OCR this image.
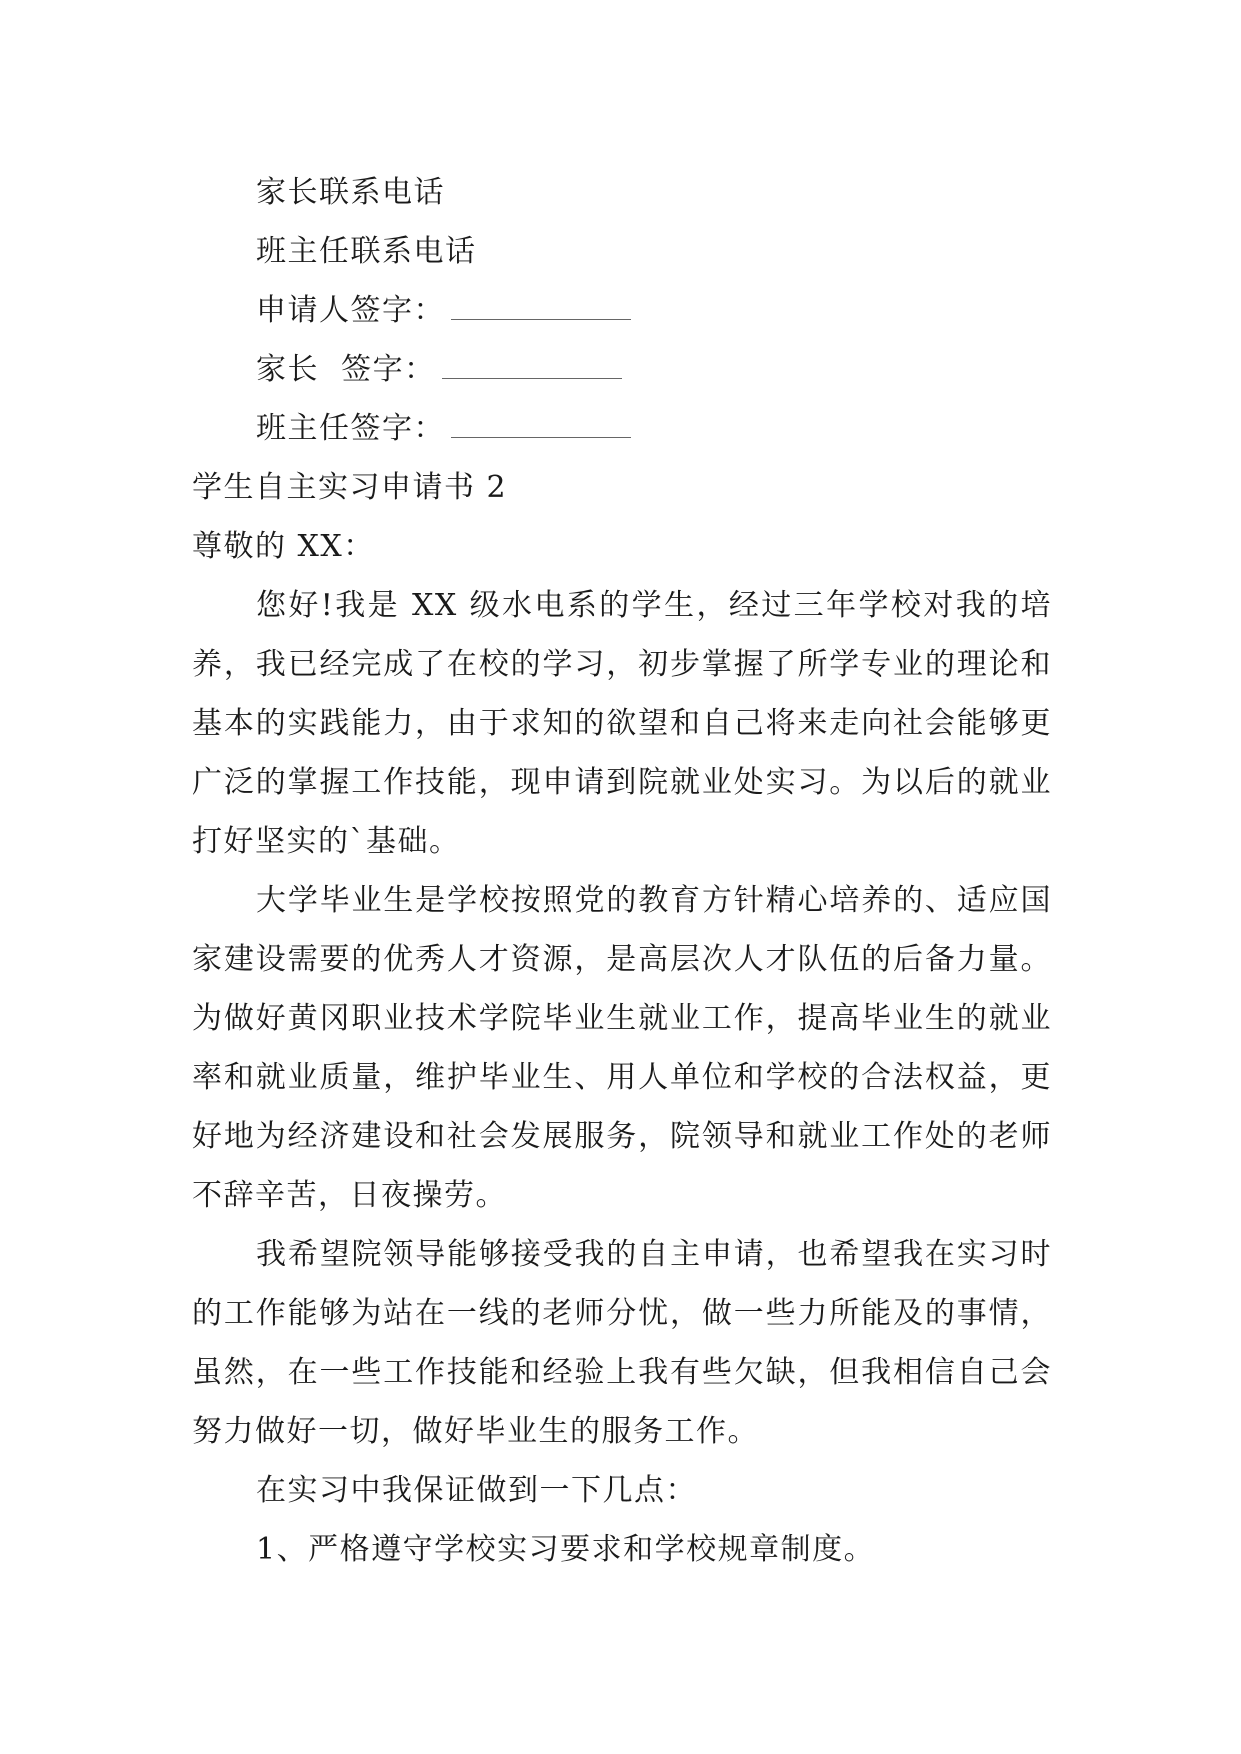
家长联系电话

班主任联系电话

申请人签字：

家长  签字：

班主任签字：

学生自主实习申请书 2

尊敬的 XX：

您好!我是 XX 级水电系的学生，经过三年学校对我的培养，我已经完成了在校的学习，初步掌握了所学专业的理论和基本的实践能力，由于求知的欲望和自己将来走向社会能够更广泛的掌握工作技能，现申请到院就业处实习。为以后的就业打好坚实的`基础。

大学毕业生是学校按照党的教育方针精心培养的、适应国家建设需要的优秀人才资源，是高层次人才队伍的后备力量。为做好黄冈职业技术学院毕业生就业工作，提高毕业生的就业率和就业质量，维护毕业生、用人单位和学校的合法权益，更好地为经济建设和社会发展服务，院领导和就业工作处的老师不辞辛苦，日夜操劳。

我希望院领导能够接受我的自主申请，也希望我在实习时的工作能够为站在一线的老师分忧，做一些力所能及的事情，虽然，在一些工作技能和经验上我有些欠缺，但我相信自己会努力做好一切，做好毕业生的服务工作。

在实习中我保证做到一下几点：

1、严格遵守学校实习要求和学校规章制度。
